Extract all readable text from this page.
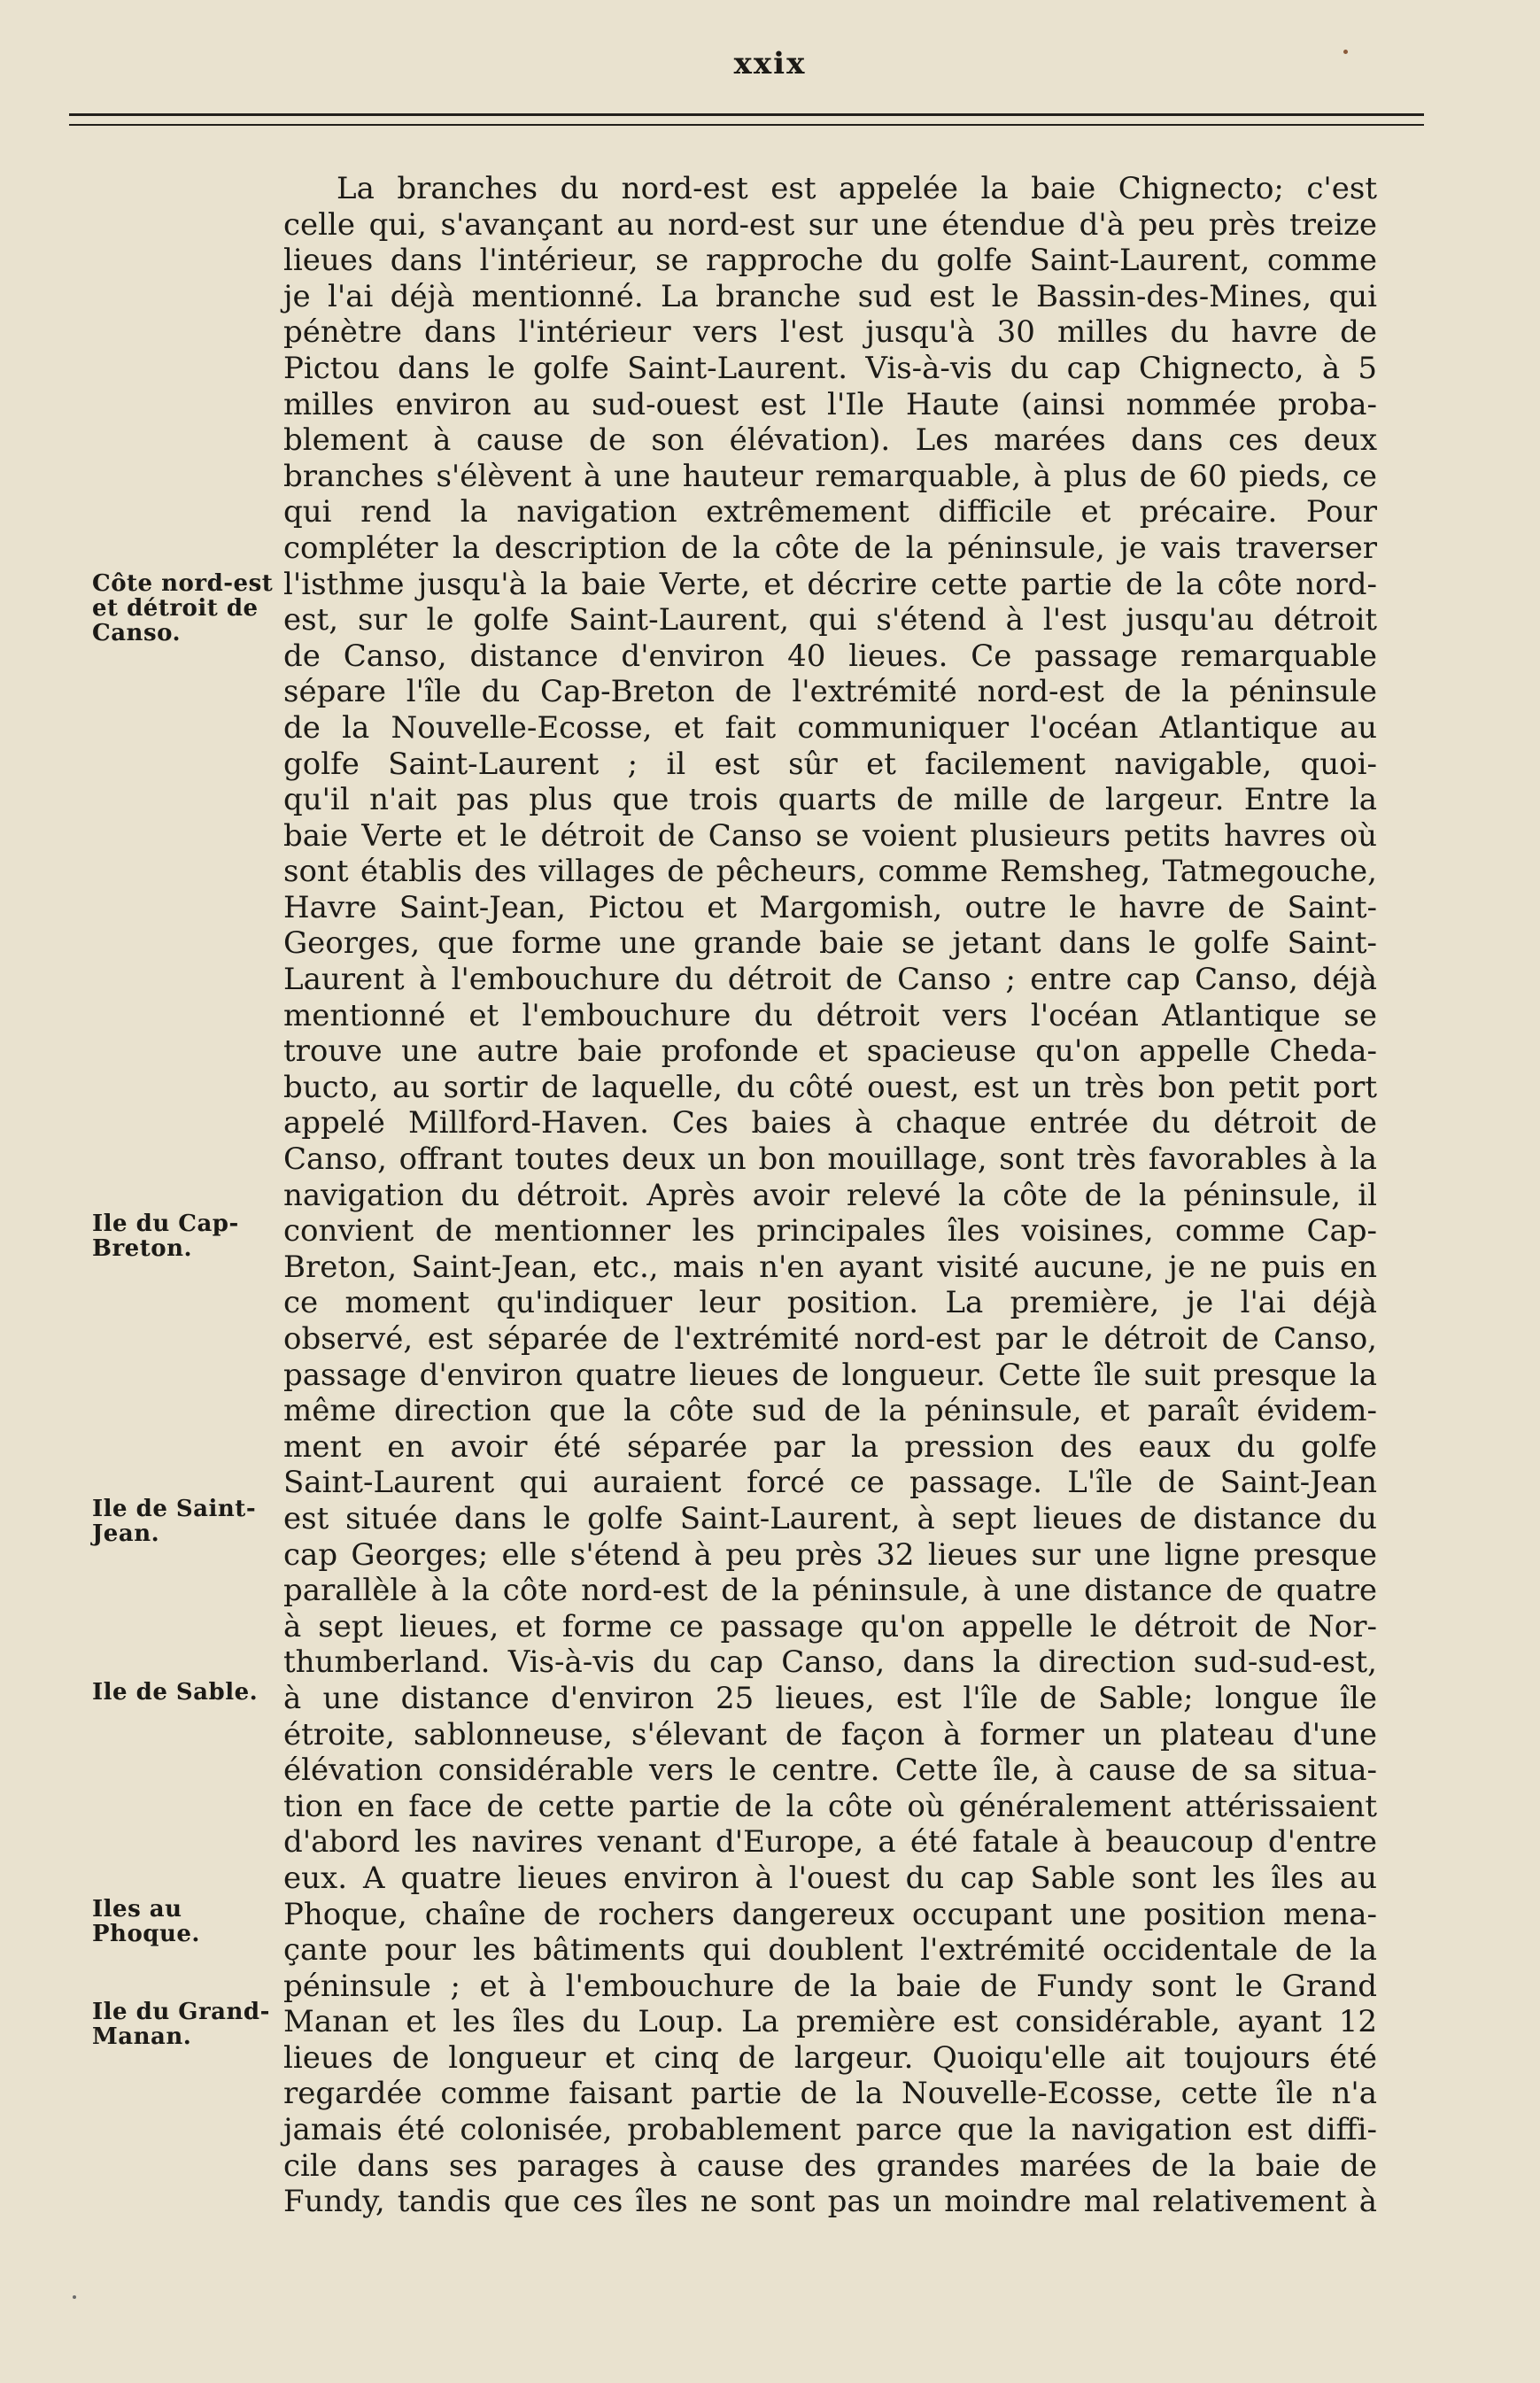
xxix
Côte nord-est et détroit de Canso.
Ile du Cap-Breton.
Ile de Saint-Jean.
Ile de Sable.
Iles au Phoque.
Ile du Grand-Manan.
La branches du nord-est est appelée la baie Chignecto; c'est
celle qui, s'avançant au nord-est sur une étendue d'à peu près treize
lieues dans l'intérieur, se rapproche du golfe Saint-Laurent, comme
je l'ai déjà mentionné. La branche sud est le Bassin-des-Mines, qui
pénètre dans l'intérieur vers l'est jusqu'à 30 milles du havre de
Pictou dans le golfe Saint-Laurent. Vis-à-vis du cap Chignecto, à 5
milles environ au sud-ouest est l'Ile Haute (ainsi nommée proba-
blement à cause de son élévation). Les marées dans ces deux
branches s'élèvent à une hauteur remarquable, à plus de 60 pieds, ce
qui rend la navigation extrêmement difficile et précaire. Pour
compléter la description de la côte de la péninsule, je vais traverser
l'isthme jusqu'à la baie Verte, et décrire cette partie de la côte nord-
est, sur le golfe Saint-Laurent, qui s'étend à l'est jusqu'au détroit
de Canso, distance d'environ 40 lieues. Ce passage remarquable
sépare l'île du Cap-Breton de l'extrémité nord-est de la péninsule
de la Nouvelle-Ecosse, et fait communiquer l'océan Atlantique au
golfe Saint-Laurent ; il est sûr et facilement navigable, quoi-
qu'il n'ait pas plus que trois quarts de mille de largeur. Entre la
baie Verte et le détroit de Canso se voient plusieurs petits havres où
sont établis des villages de pêcheurs, comme Remsheg, Tatmegouche,
Havre Saint-Jean, Pictou et Margomish, outre le havre de Saint-
Georges, que forme une grande baie se jetant dans le golfe Saint-
Laurent à l'embouchure du détroit de Canso ; entre cap Canso, déjà
mentionné et l'embouchure du détroit vers l'océan Atlantique se
trouve une autre baie profonde et spacieuse qu'on appelle Cheda-
bucto, au sortir de laquelle, du côté ouest, est un très bon petit port
appelé Millford-Haven. Ces baies à chaque entrée du détroit de
Canso, offrant toutes deux un bon mouillage, sont très favorables à la
navigation du détroit. Après avoir relevé la côte de la péninsule, il
convient de mentionner les principales îles voisines, comme Cap-
Breton, Saint-Jean, etc., mais n'en ayant visité aucune, je ne puis en
ce moment qu'indiquer leur position. La première, je l'ai déjà
observé, est séparée de l'extrémité nord-est par le détroit de Canso,
passage d'environ quatre lieues de longueur. Cette île suit presque la
même direction que la côte sud de la péninsule, et paraît évidem-
ment en avoir été séparée par la pression des eaux du golfe
Saint-Laurent qui auraient forcé ce passage. L'île de Saint-Jean
est située dans le golfe Saint-Laurent, à sept lieues de distance du
cap Georges; elle s'étend à peu près 32 lieues sur une ligne presque
parallèle à la côte nord-est de la péninsule, à une distance de quatre
à sept lieues, et forme ce passage qu'on appelle le détroit de Nor-
thumberland. Vis-à-vis du cap Canso, dans la direction sud-sud-est,
à une distance d'environ 25 lieues, est l'île de Sable; longue île
étroite, sablonneuse, s'élevant de façon à former un plateau d'une
élévation considérable vers le centre. Cette île, à cause de sa situa-
tion en face de cette partie de la côte où généralement attérissaient
d'abord les navires venant d'Europe, a été fatale à beaucoup d'entre
eux. A quatre lieues environ à l'ouest du cap Sable sont les îles au
Phoque, chaîne de rochers dangereux occupant une position mena-
çante pour les bâtiments qui doublent l'extrémité occidentale de la
péninsule ; et à l'embouchure de la baie de Fundy sont le Grand
Manan et les îles du Loup. La première est considérable, ayant 12
lieues de longueur et cinq de largeur. Quoiqu'elle ait toujours été
regardée comme faisant partie de la Nouvelle-Ecosse, cette île n'a
jamais été colonisée, probablement parce que la navigation est diffi-
cile dans ses parages à cause des grandes marées de la baie de
Fundy, tandis que ces îles ne sont pas un moindre mal relativement à
